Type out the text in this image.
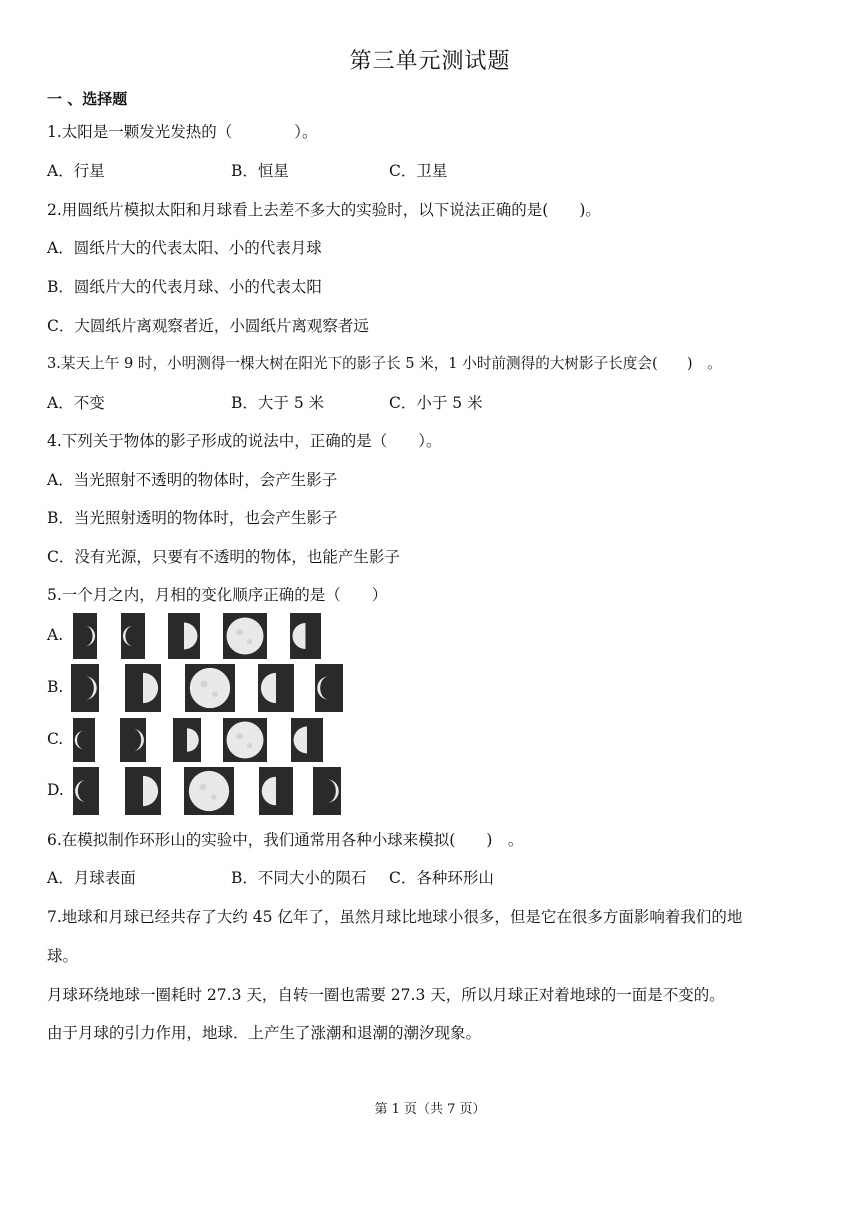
第三单元测试题
一 、选择题
1.太阳是一颗发光发热的（　　　　）。
A．行星	B．恒星	C．卫星
2.用圆纸片模拟太阳和月球看上去差不多大的实验时，以下说法正确的是(　　)。
A．圆纸片大的代表太阳、小的代表月球
B．圆纸片大的代表月球、小的代表太阳
C．大圆纸片离观察者近，小圆纸片离观察者远
3.某天上午 9 时，小明测得一棵大树在阳光下的影子长 5 米，1 小时前测得的大树影子长度会(　　)　。
A．不变	B．大于 5 米	C．小于 5 米
4.下列关于物体的影子形成的说法中，正确的是（　　）。
A．当光照射不透明的物体时，会产生影子
B．当光照射透明的物体时，也会产生影子
C．没有光源，只要有不透明的物体，也能产生影子
5.一个月之内，月相的变化顺序正确的是（　　）
A.
B.
C.
D.
6.在模拟制作环形山的实验中，我们通常用各种小球来模拟(　　)　。
A．月球表面	B．不同大小的陨石 C．各种环形山
7.地球和月球已经共存了大约 45 亿年了，虽然月球比地球小很多，但是它在很多方面影响着我们的地
球。
月球环绕地球一圈耗时 27.3 天，自转一圈也需要 27.3 天，所以月球正对着地球的一面是不变的。
由于月球的引力作用，地球．上产生了涨潮和退潮的潮汐现象。
第 1 页（共 7 页）
